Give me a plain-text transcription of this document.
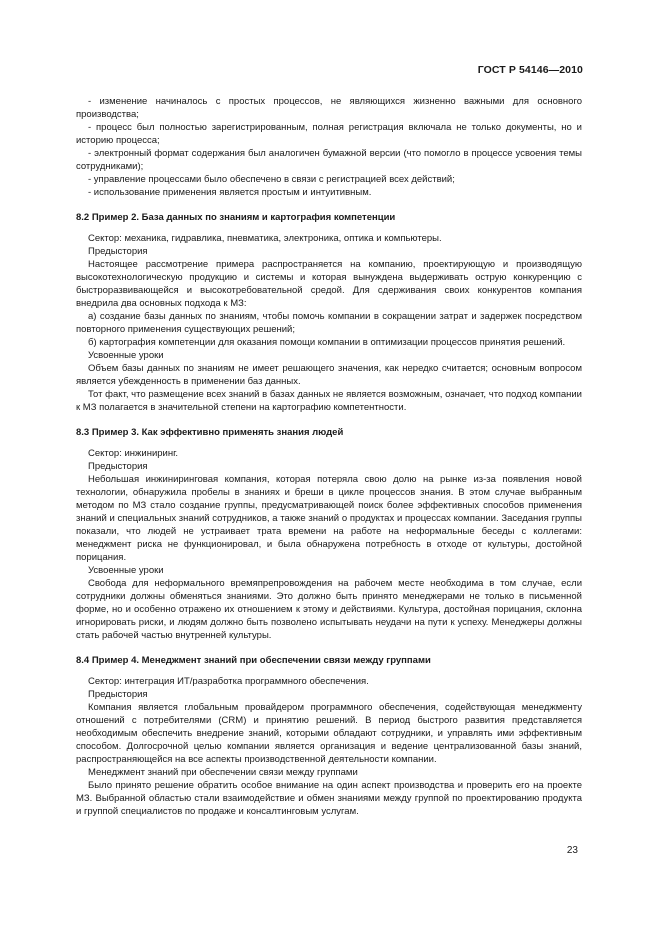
ГОСТ Р 54146—2010

- изменение начиналось с простых процессов, не являющихся жизненно важными для основного производства;

- процесс был полностью зарегистрированным, полная регистрация включала не только документы, но и историю процесса;

- электронный формат содержания был аналогичен бумажной версии (что помогло в процессе усвоения темы сотрудниками);

- управление процессами было обеспечено в связи с регистрацией всех действий;

- использование применения является простым и интуитивным.

8.2 Пример 2. База данных по знаниям и картография компетенции

Сектор: механика, гидравлика, пневматика, электроника, оптика и компьютеры.

Предыстория

Настоящее рассмотрение примера распространяется на компанию, проектирующую и производящую высокотехнологическую продукцию и системы и которая вынуждена выдерживать острую конкуренцию с быстроразвивающейся и высокотребовательной средой. Для сдерживания своих конкурентов компания внедрила два основных подхода к МЗ:

а) создание базы данных по знаниям, чтобы помочь компании в сокращении затрат и задержек посредством повторного применения существующих решений;

б) картография компетенции для оказания помощи компании в оптимизации процессов принятия решений.

Усвоенные уроки

Объем базы данных по знаниям не имеет решающего значения, как нередко считается; основным вопросом является убежденность в применении баз данных.

Тот факт, что размещение всех знаний в базах данных не является возможным, означает, что подход компании к МЗ полагается в значительной степени на картографию компетентности.

8.3 Пример 3. Как эффективно применять знания людей

Сектор: инжиниринг.

Предыстория

Небольшая инжиниринговая компания, которая потеряла свою долю на рынке из-за появления новой технологии, обнаружила пробелы в знаниях и бреши в цикле процессов знания. В этом случае выбранным методом по МЗ стало создание группы, предусматривающей поиск более эффективных способов применения знаний и специальных знаний сотрудников, а также знаний о продуктах и процессах компании. Заседания группы показали, что людей не устраивает трата времени на работе на неформальные беседы с коллегами: менеджмент риска не функционировал, и была обнаружена потребность в отходе от культуры, достойной порицания.

Усвоенные уроки

Свобода для неформального времяпрепровождения на рабочем месте необходима в том случае, если сотрудники должны обменяться знаниями. Это должно быть принято менеджерами не только в письменной форме, но и особенно отражено их отношением к этому и действиями. Культура, достойная порицания, склонна игнорировать риски, и людям должно быть позволено испытывать неудачи на пути к успеху. Менеджеры должны стать рабочей частью внутренней культуры.

8.4 Пример 4. Менеджмент знаний при обеспечении связи между группами

Сектор: интеграция ИТ/разработка программного обеспечения.

Предыстория

Компания является глобальным провайдером программного обеспечения, содействующая менеджменту отношений с потребителями (CRM) и принятию решений. В период быстрого развития представляется необходимым обеспечить внедрение знаний, которыми обладают сотрудники, и управлять ими эффективным способом. Долгосрочной целью компании является организация и ведение централизованной базы знаний, распространяющейся на все аспекты производственной деятельности компании.

Менеджмент знаний при обеспечении связи между группами

Было принято решение обратить особое внимание на один аспект производства и проверить его на проекте МЗ. Выбранной областью стали взаимодействие и обмен знаниями между группой по проектированию продукта и группой специалистов по продаже и консалтинговым услугам.

23
